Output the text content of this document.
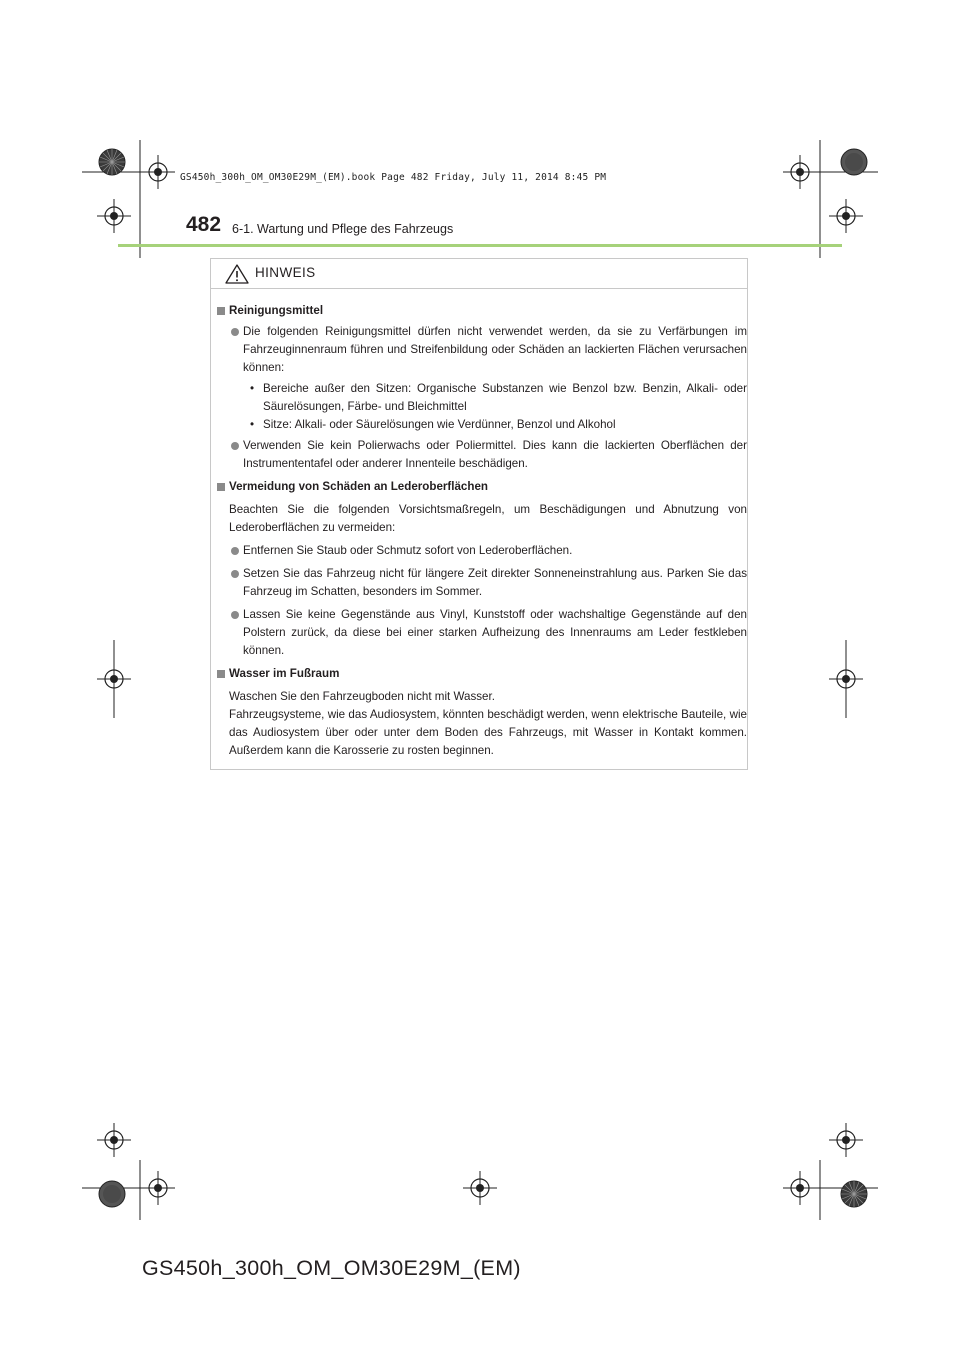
GS450h_300h_OM_OM30E29M_(EM).book Page 482 Friday, July 11, 2014 8:45 PM
482 6-1. Wartung und Pflege des Fahrzeugs
HINWEIS
Reinigungsmittel
Die folgenden Reinigungsmittel dürfen nicht verwendet werden, da sie zu Verfärbungen im Fahrzeuginnenraum führen und Streifenbildung oder Schäden an lackierten Flächen verursachen können:
• Bereiche außer den Sitzen: Organische Substanzen wie Benzol bzw. Benzin, Alkali- oder Säurelösungen, Färbe- und Bleichmittel
• Sitze: Alkali- oder Säurelösungen wie Verdünner, Benzol und Alkohol
Verwenden Sie kein Polierwachs oder Poliermittel. Dies kann die lackierten Oberflächen der Instrumententafel oder anderer Innenteile beschädigen.
Vermeidung von Schäden an Lederoberflächen
Beachten Sie die folgenden Vorsichtsmaßregeln, um Beschädigungen und Abnutzung von Lederoberflächen zu vermeiden:
Entfernen Sie Staub oder Schmutz sofort von Lederoberflächen.
Setzen Sie das Fahrzeug nicht für längere Zeit direkter Sonneneinstrahlung aus. Parken Sie das Fahrzeug im Schatten, besonders im Sommer.
Lassen Sie keine Gegenstände aus Vinyl, Kunststoff oder wachshaltige Gegenstände auf den Polstern zurück, da diese bei einer starken Aufheizung des Innenraums am Leder festkleben können.
Wasser im Fußraum
Waschen Sie den Fahrzeugboden nicht mit Wasser.
Fahrzeugsysteme, wie das Audiosystem, könnten beschädigt werden, wenn elektrische Bauteile, wie das Audiosystem über oder unter dem Boden des Fahrzeugs, mit Wasser in Kontakt kommen. Außerdem kann die Karosserie zu rosten beginnen.
GS450h_300h_OM_OM30E29M_(EM)
